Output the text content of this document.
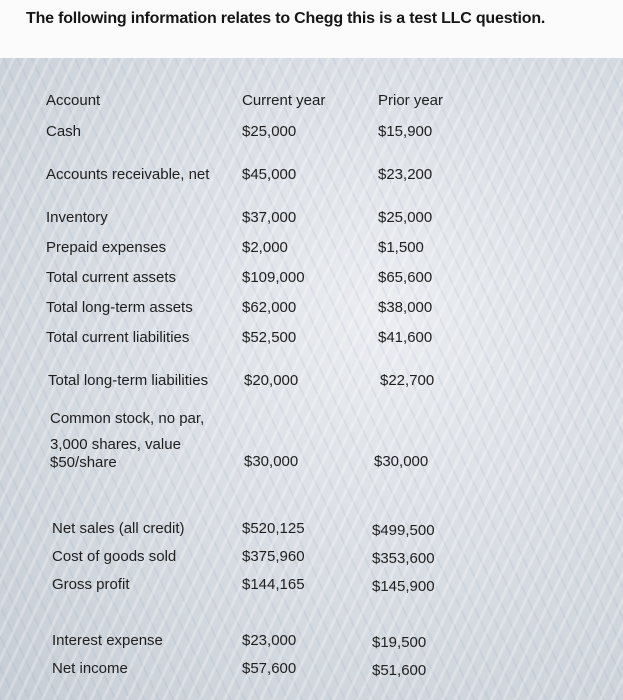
The following information relates to Chegg this is a test LLC question.
Account	Current year	Prior year
Cash	$25,000	$15,900
Accounts receivable, net $45,000	$23,200
Inventory	$37,000	$25,000
Prepaid expenses	$2,000	$1,500
Total current assets	$109,000	$65,600
Total long-term assets	$62,000	$38,000
Total current liabilities	$52,500	$41,600
Total long-term liabilities $20,000	$22,700
Common stock, no par,
3,000 shares, value
$50/share	$30,000	$30,000
Net sales (all credit)	$520,125	$499,500
Cost of goods sold	$375,960	$353,600
Gross profit	$144,165	$145,900
Interest expense	$23,000	$19,500
Net income	$57,600	$51,600
